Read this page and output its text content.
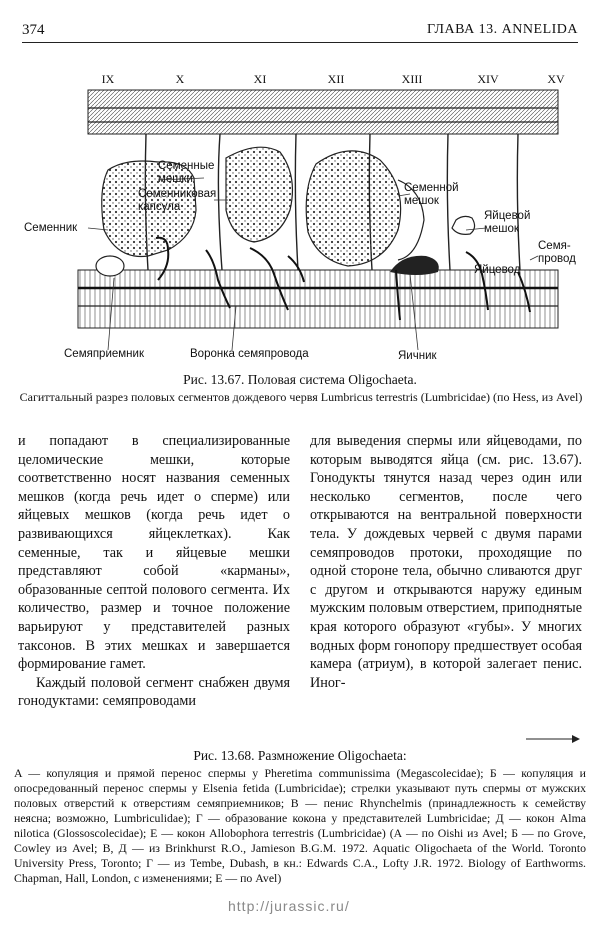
374	ГЛАВА 13. ANNELIDA
IX	X	XI	XII	XIII	XIV	XV
Семенные мешки
Семенниковая капсула
Семенник
Семенной мешок
Яйцевой мешок
Семя-провод
Яйцевод
Семяприемник	Воронка семяпровода	Яичник
Рис. 13.67. Половая система Oligochaeta.
Сагиттальный разрез половых сегментов дождевого червя Lumbricus terrestris (Lumbricidae) (по Hess, из Avel)

и попадают в специализированные целомические мешки, которые соответственно носят названия семенных мешков (когда речь идет о сперме) или яйцевых мешков (когда речь идет о развивающихся яйцеклетках). Как семенные, так и яйцевые мешки представляют собой «карманы», образованные септой полового сегмента. Их количество, размер и точное положение варьируют у представителей разных таксонов. В этих мешках и завершается формирование гамет.

Каждый половой сегмент снабжен двумя гонодуктами: семяпроводами

для выведения спермы или яйцеводами, по которым выводятся яйца (см. рис. 13.67). Гонодукты тянутся назад через один или несколько сегментов, после чего открываются на вентральной поверхности тела. У дождевых червей с двумя парами семяпроводов протоки, проходящие по одной стороне тела, обычно сливаются друг с другом и открываются наружу единым мужским половым отверстием, приподнятые края которого образуют «губы». У многих водных форм гонопору предшествует особая камера (атриум), в которой залегает пенис. Иног-

Рис. 13.68. Размножение Oligochaeta:
A — копуляция и прямой перенос спермы у Pheretima communissima (Megascolecidae); Б — копуляция и опосредованный перенос спермы у Elsenia fetida (Lumbricidae); стрелки указывают путь спермы от мужских половых отверстий к отверстиям семяприемников; В — пенис Rhynchelmis (принадлежность к семейству неясна; возможно, Lumbriculidae); Г — образование кокона у представителей Lumbricidae; Д — кокон Alma nilotica (Glossoscolecidae); Е — кокон Allobophora terrestris (Lumbricidae) (А — по Oishi из Avel; Б — по Grove, Cowley из Avel; В, Д — из Brinkhurst R.O., Jamieson B.G.M. 1972. Aquatic Oligochaeta of the World. Toronto University Press, Toronto; Г — из Tembe, Dubash, в кн.: Edwards C.A., Lofty J.R. 1972. Biology of Earthworms. Chapman, Hall, London, с изменениями; Е — по Avel)
http://jurassic.ru/
